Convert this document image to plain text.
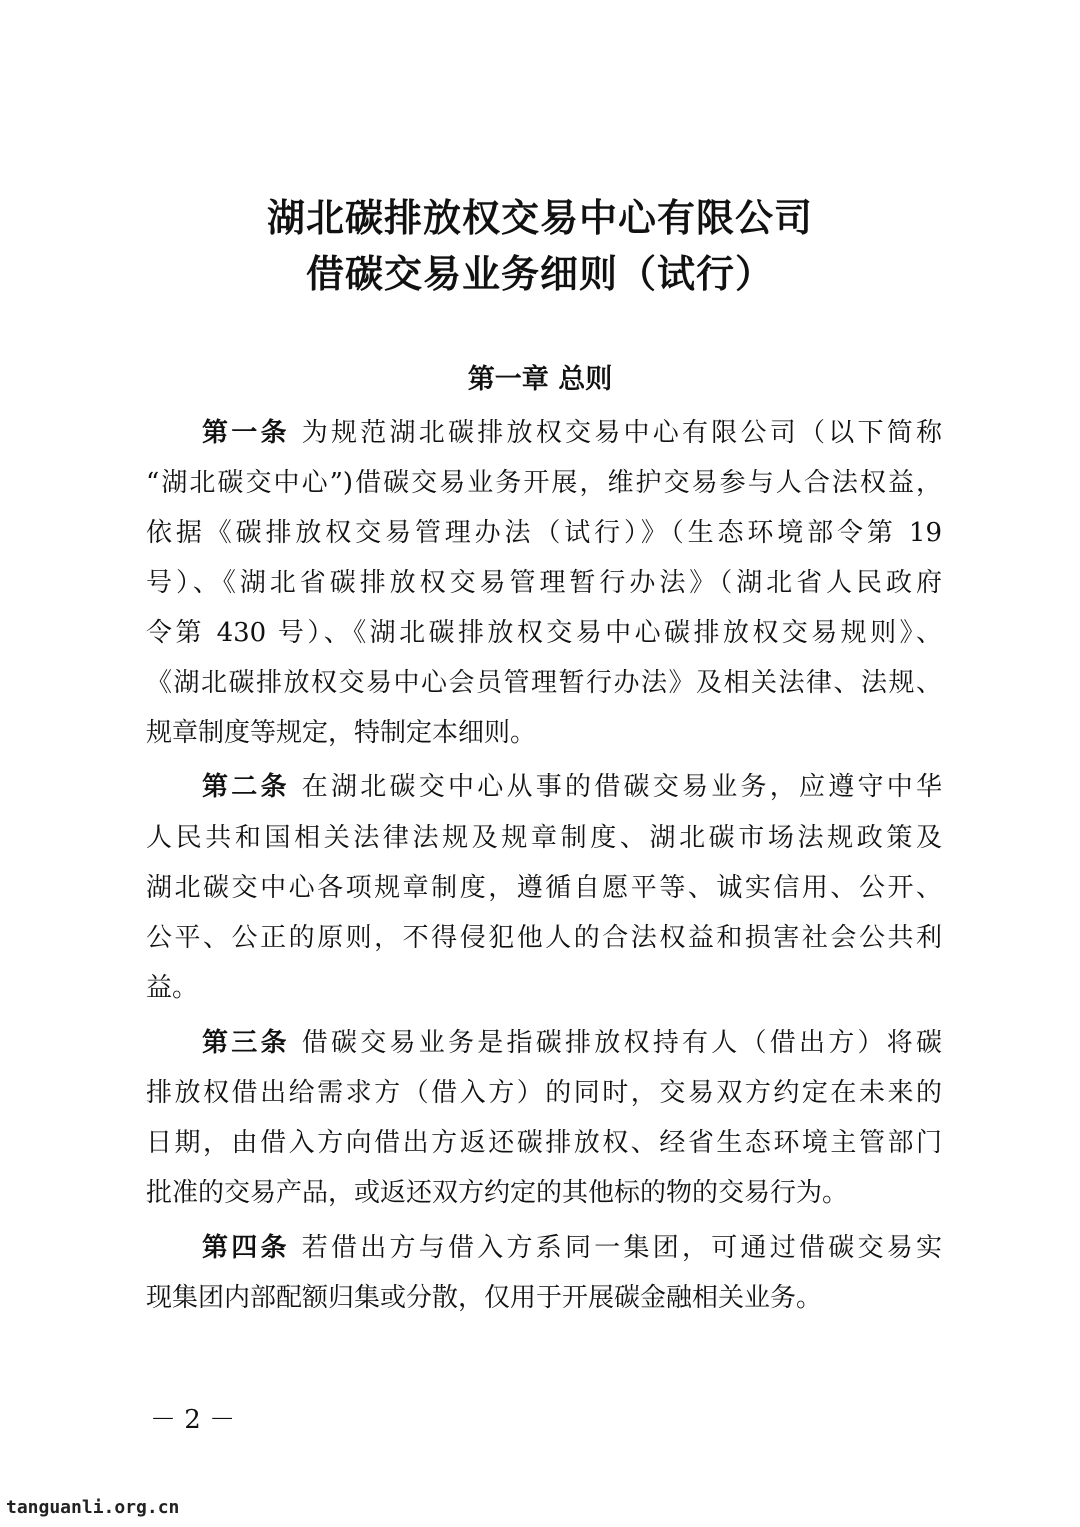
湖北碳排放权交易中心有限公司
借碳交易业务细则（试行）
第一章 总则
第一条 为规范湖北碳排放权交易中心有限公司（以下简称
“湖北碳交中心”)借碳交易业务开展，维护交易参与人合法权益，
依据《碳排放权交易管理办法（试行）》（生态环境部令第 19
号）、《湖北省碳排放权交易管理暂行办法》（湖北省人民政府
令第 430 号）、《湖北碳排放权交易中心碳排放权交易规则》、
《湖北碳排放权交易中心会员管理暂行办法》及相关法律、法规、
规章制度等规定，特制定本细则。
第二条 在湖北碳交中心从事的借碳交易业务，应遵守中华
人民共和国相关法律法规及规章制度、湖北碳市场法规政策及
湖北碳交中心各项规章制度，遵循自愿平等、诚实信用、公开、
公平、公正的原则，不得侵犯他人的合法权益和损害社会公共利
益。
第三条 借碳交易业务是指碳排放权持有人（借出方）将碳
排放权借出给需求方（借入方）的同时，交易双方约定在未来的
日期，由借入方向借出方返还碳排放权、经省生态环境主管部门
批准的交易产品，或返还双方约定的其他标的物的交易行为。
第四条 若借出方与借入方系同一集团，可通过借碳交易实
现集团内部配额归集或分散，仅用于开展碳金融相关业务。
－ 2 －
tanguanli.org.cn
